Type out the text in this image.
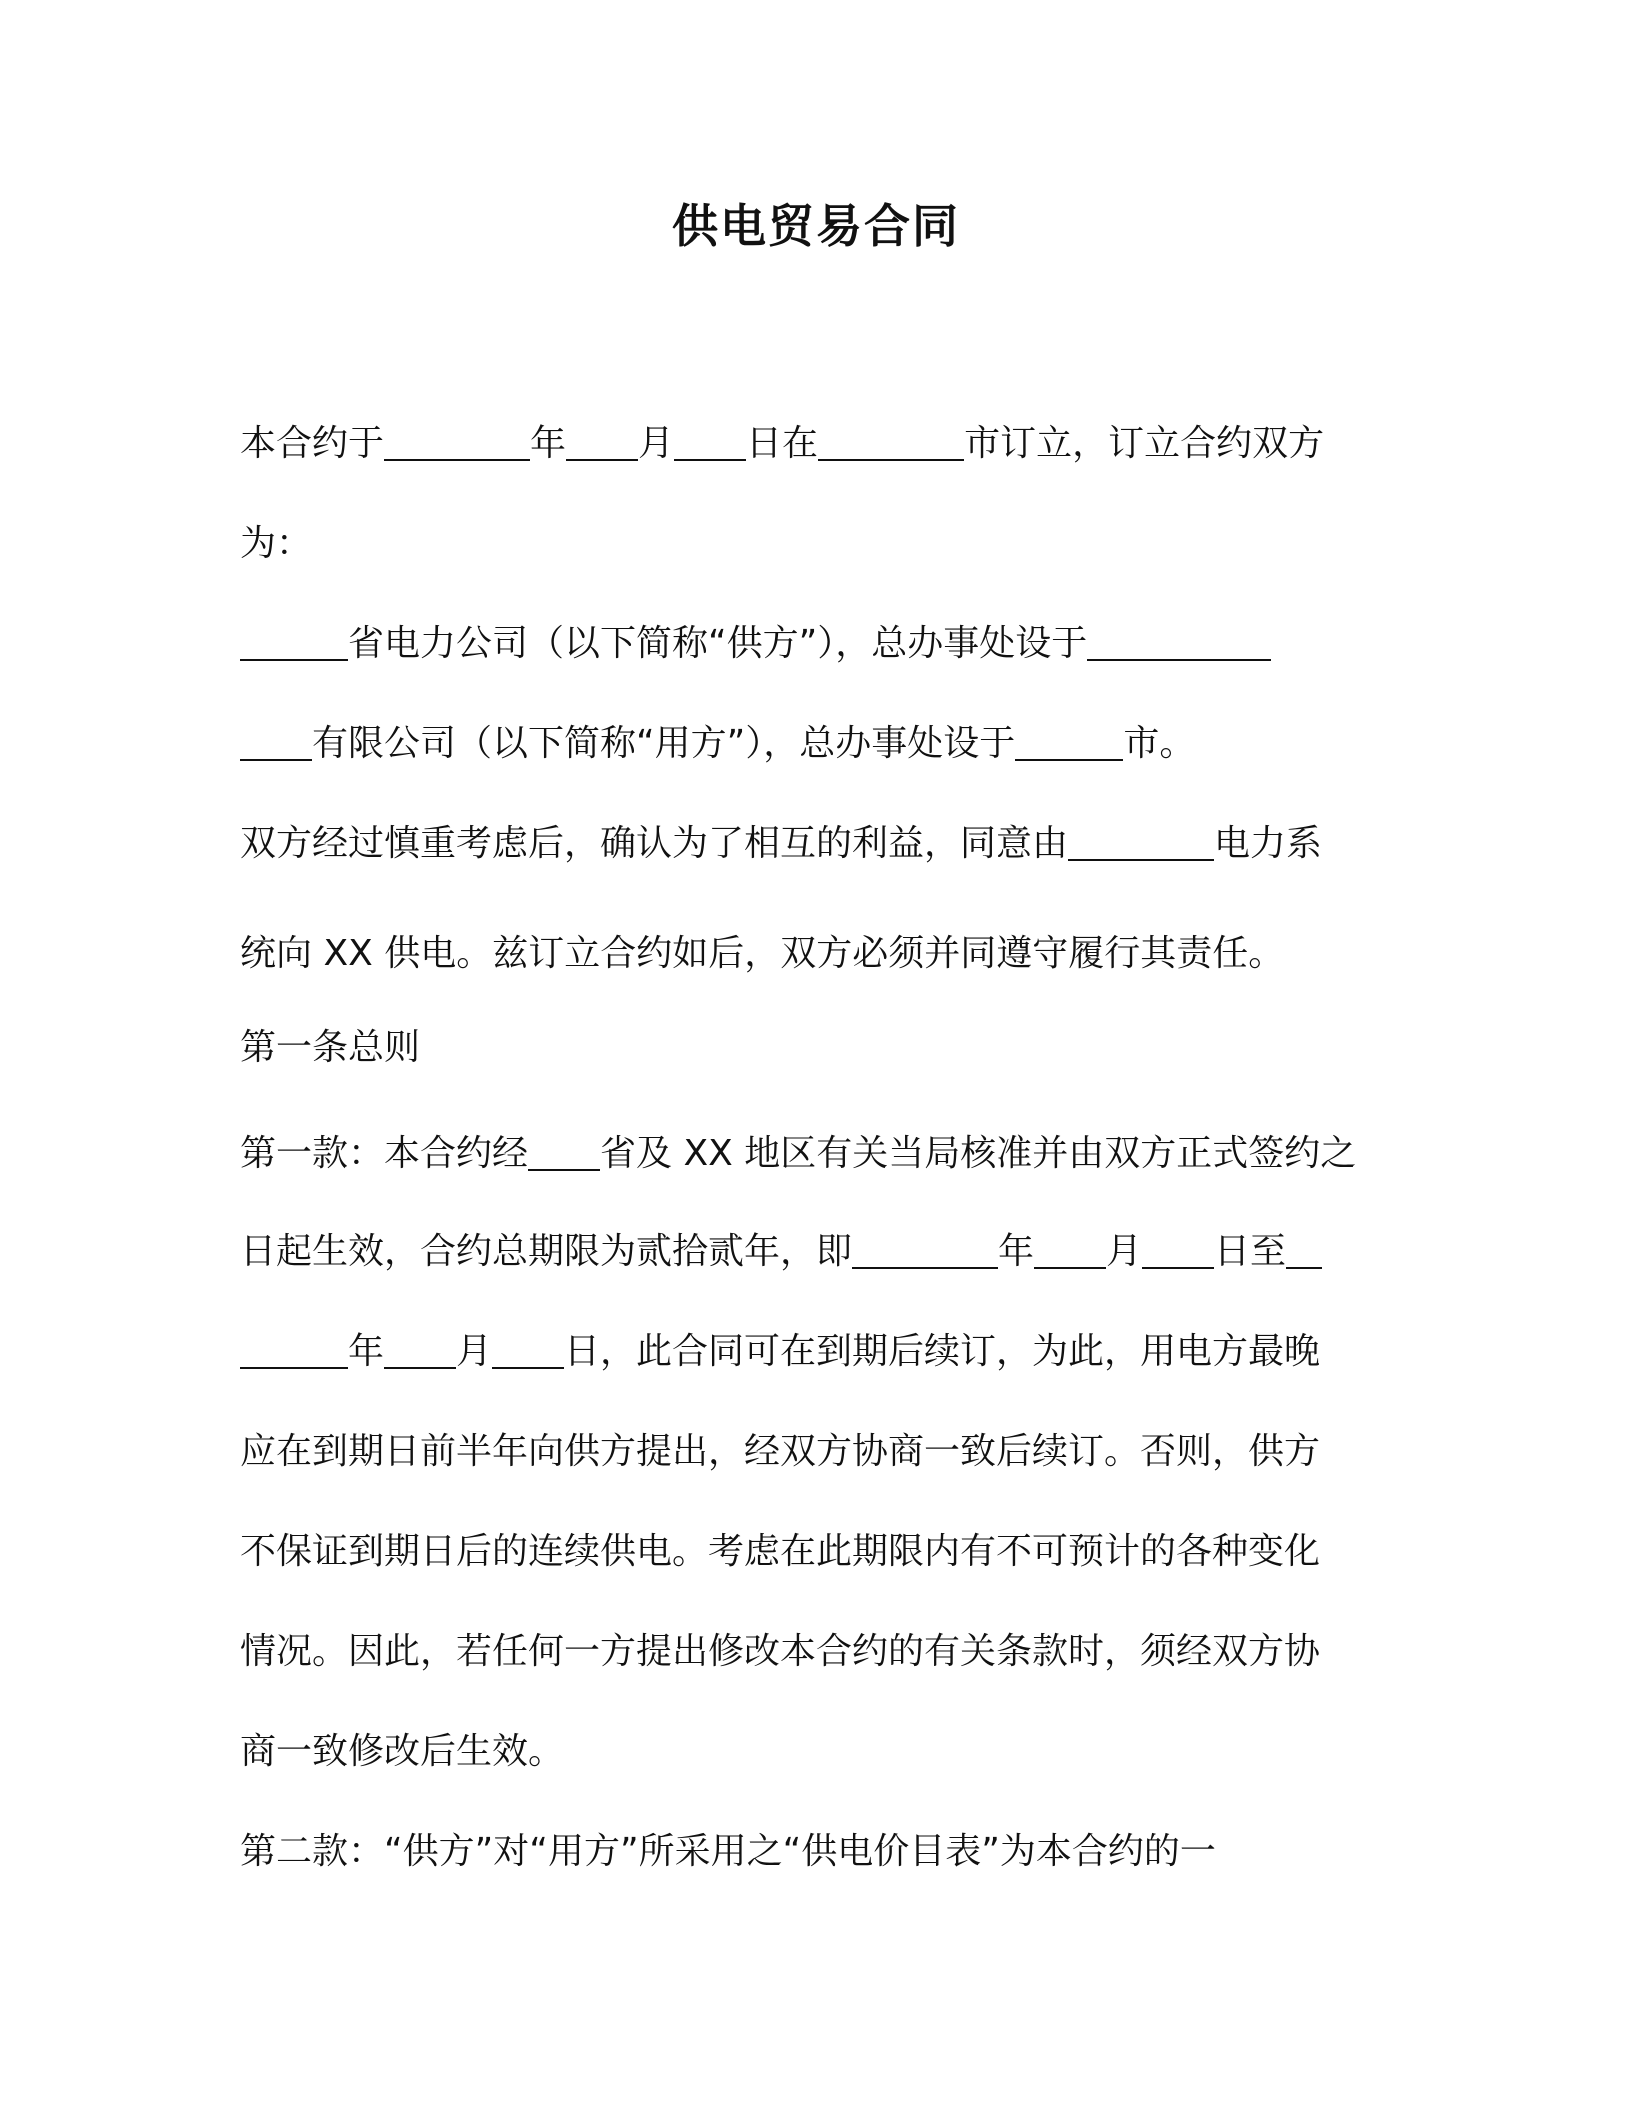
供电贸易合同
本合约于	年 月 日在	市订立，订立合约双方
为：
省电力公司（以下简称“供方”），总办事处设于
有限公司（以下简称“用方”），总办事处设于	市。
双方经过慎重考虑后，确认为了相互的利益，同意由	电力系
统向 XX 供电。兹订立合约如后，双方必须并同遵守履行其责任。
第一条总则
第一款：本合约经 省及 XX 地区有关当局核准并由双方正式签约之
日起生效，合约总期限为贰拾贰年，即	年 月 日至
年 月 日，此合同可在到期后续订，为此，用电方最晚
应在到期日前半年向供方提出，经双方协商一致后续订。否则，供方
不保证到期日后的连续供电。考虑在此期限内有不可预计的各种变化
情况。因此，若任何一方提出修改本合约的有关条款时，须经双方协
商一致修改后生效。
第二款：“供方”对“用方”所采用之“供电价目表”为本合约的一
